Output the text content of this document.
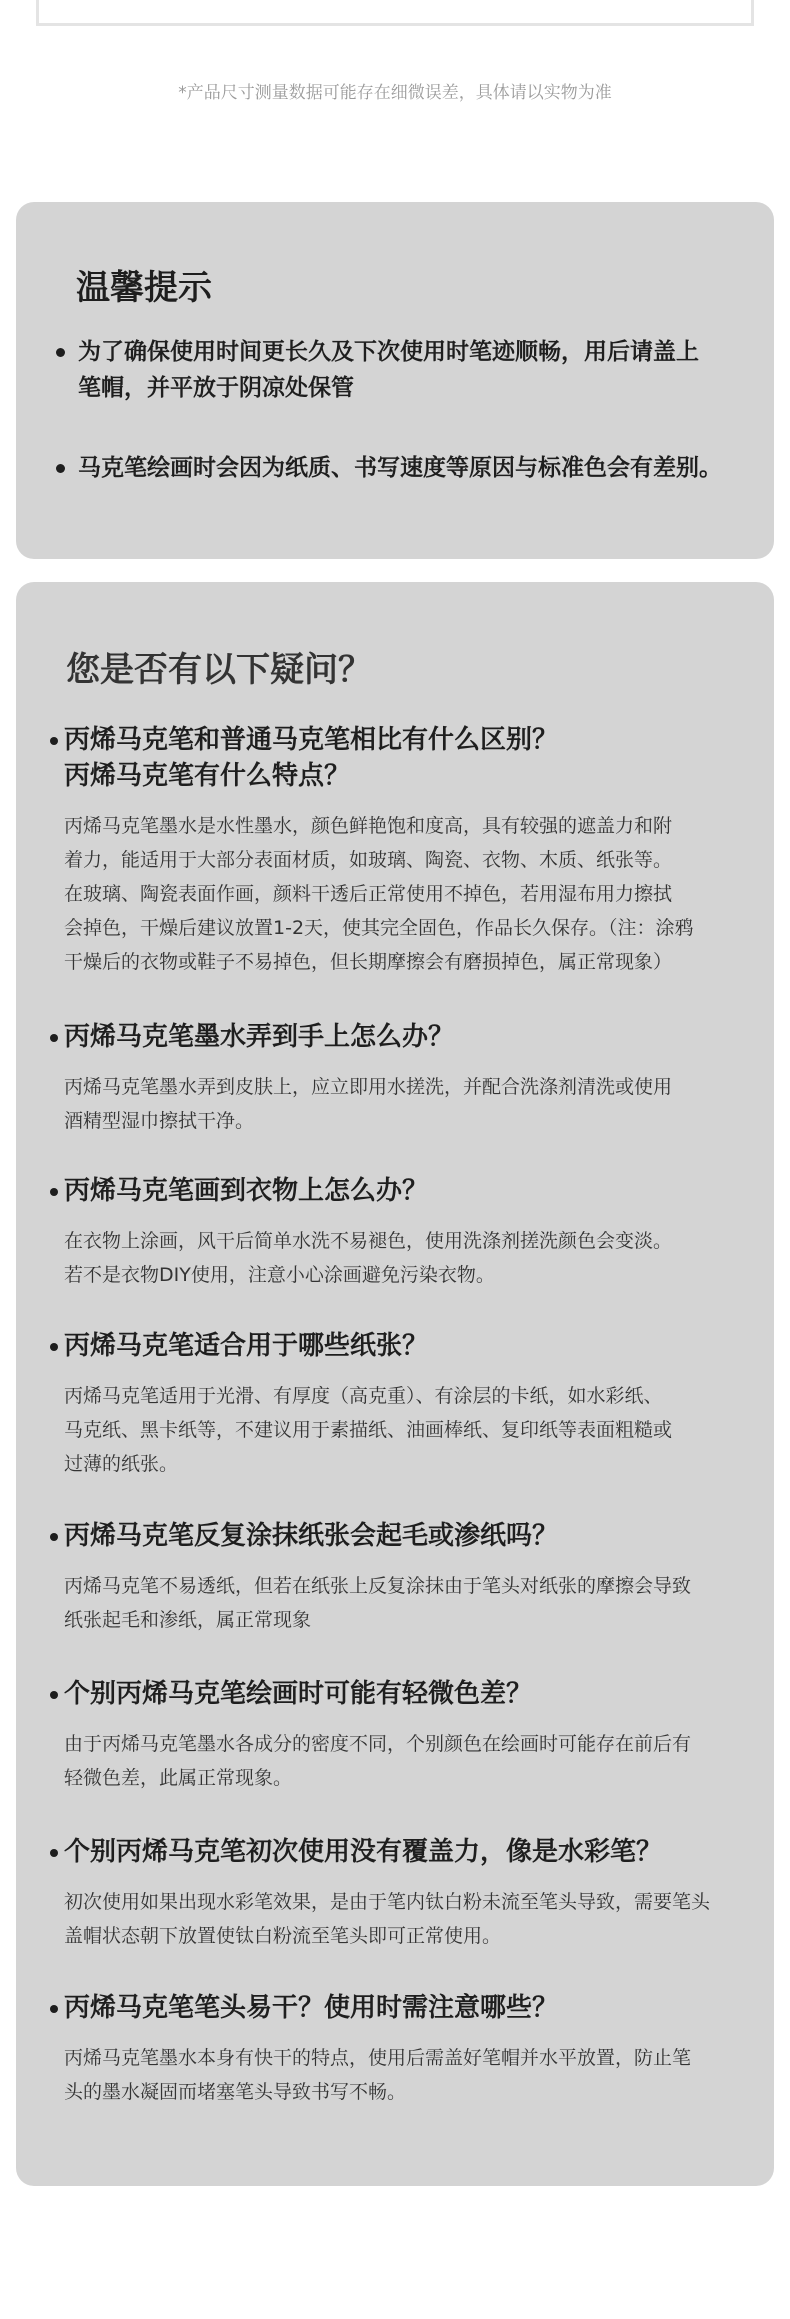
*产品尺寸测量数据可能存在细微误差，具体请以实物为准
温馨提示
为了确保使用时间更长久及下次使用时笔迹顺畅，用后请盖上
笔帽，并平放于阴凉处保管
马克笔绘画时会因为纸质、书写速度等原因与标准色会有差别。
您是否有以下疑问？
丙烯马克笔和普通马克笔相比有什么区别？
丙烯马克笔有什么特点？
丙烯马克笔墨水是水性墨水，颜色鲜艳饱和度高，具有较强的遮盖力和附
着力，能适用于大部分表面材质，如玻璃、陶瓷、衣物、木质、纸张等。
在玻璃、陶瓷表面作画，颜料干透后正常使用不掉色，若用湿布用力擦拭
会掉色，干燥后建议放置1-2天，使其完全固色，作品长久保存。（注：涂鸦
干燥后的衣物或鞋子不易掉色，但长期摩擦会有磨损掉色，属正常现象）
丙烯马克笔墨水弄到手上怎么办？
丙烯马克笔墨水弄到皮肤上，应立即用水搓洗，并配合洗涤剂清洗或使用
酒精型湿巾擦拭干净。
丙烯马克笔画到衣物上怎么办？
在衣物上涂画，风干后简单水洗不易褪色，使用洗涤剂搓洗颜色会变淡。
若不是衣物DIY使用，注意小心涂画避免污染衣物。
丙烯马克笔适合用于哪些纸张？
丙烯马克笔适用于光滑、有厚度（高克重）、有涂层的卡纸，如水彩纸、
马克纸、黑卡纸等，不建议用于素描纸、油画棒纸、复印纸等表面粗糙或
过薄的纸张。
丙烯马克笔反复涂抹纸张会起毛或渗纸吗？
丙烯马克笔不易透纸，但若在纸张上反复涂抹由于笔头对纸张的摩擦会导致
纸张起毛和渗纸，属正常现象
个别丙烯马克笔绘画时可能有轻微色差？
由于丙烯马克笔墨水各成分的密度不同，个别颜色在绘画时可能存在前后有
轻微色差，此属正常现象。
个别丙烯马克笔初次使用没有覆盖力，像是水彩笔？
初次使用如果出现水彩笔效果，是由于笔内钛白粉未流至笔头导致，需要笔头
盖帽状态朝下放置使钛白粉流至笔头即可正常使用。
丙烯马克笔笔头易干？使用时需注意哪些？
丙烯马克笔墨水本身有快干的特点，使用后需盖好笔帽并水平放置，防止笔
头的墨水凝固而堵塞笔头导致书写不畅。
